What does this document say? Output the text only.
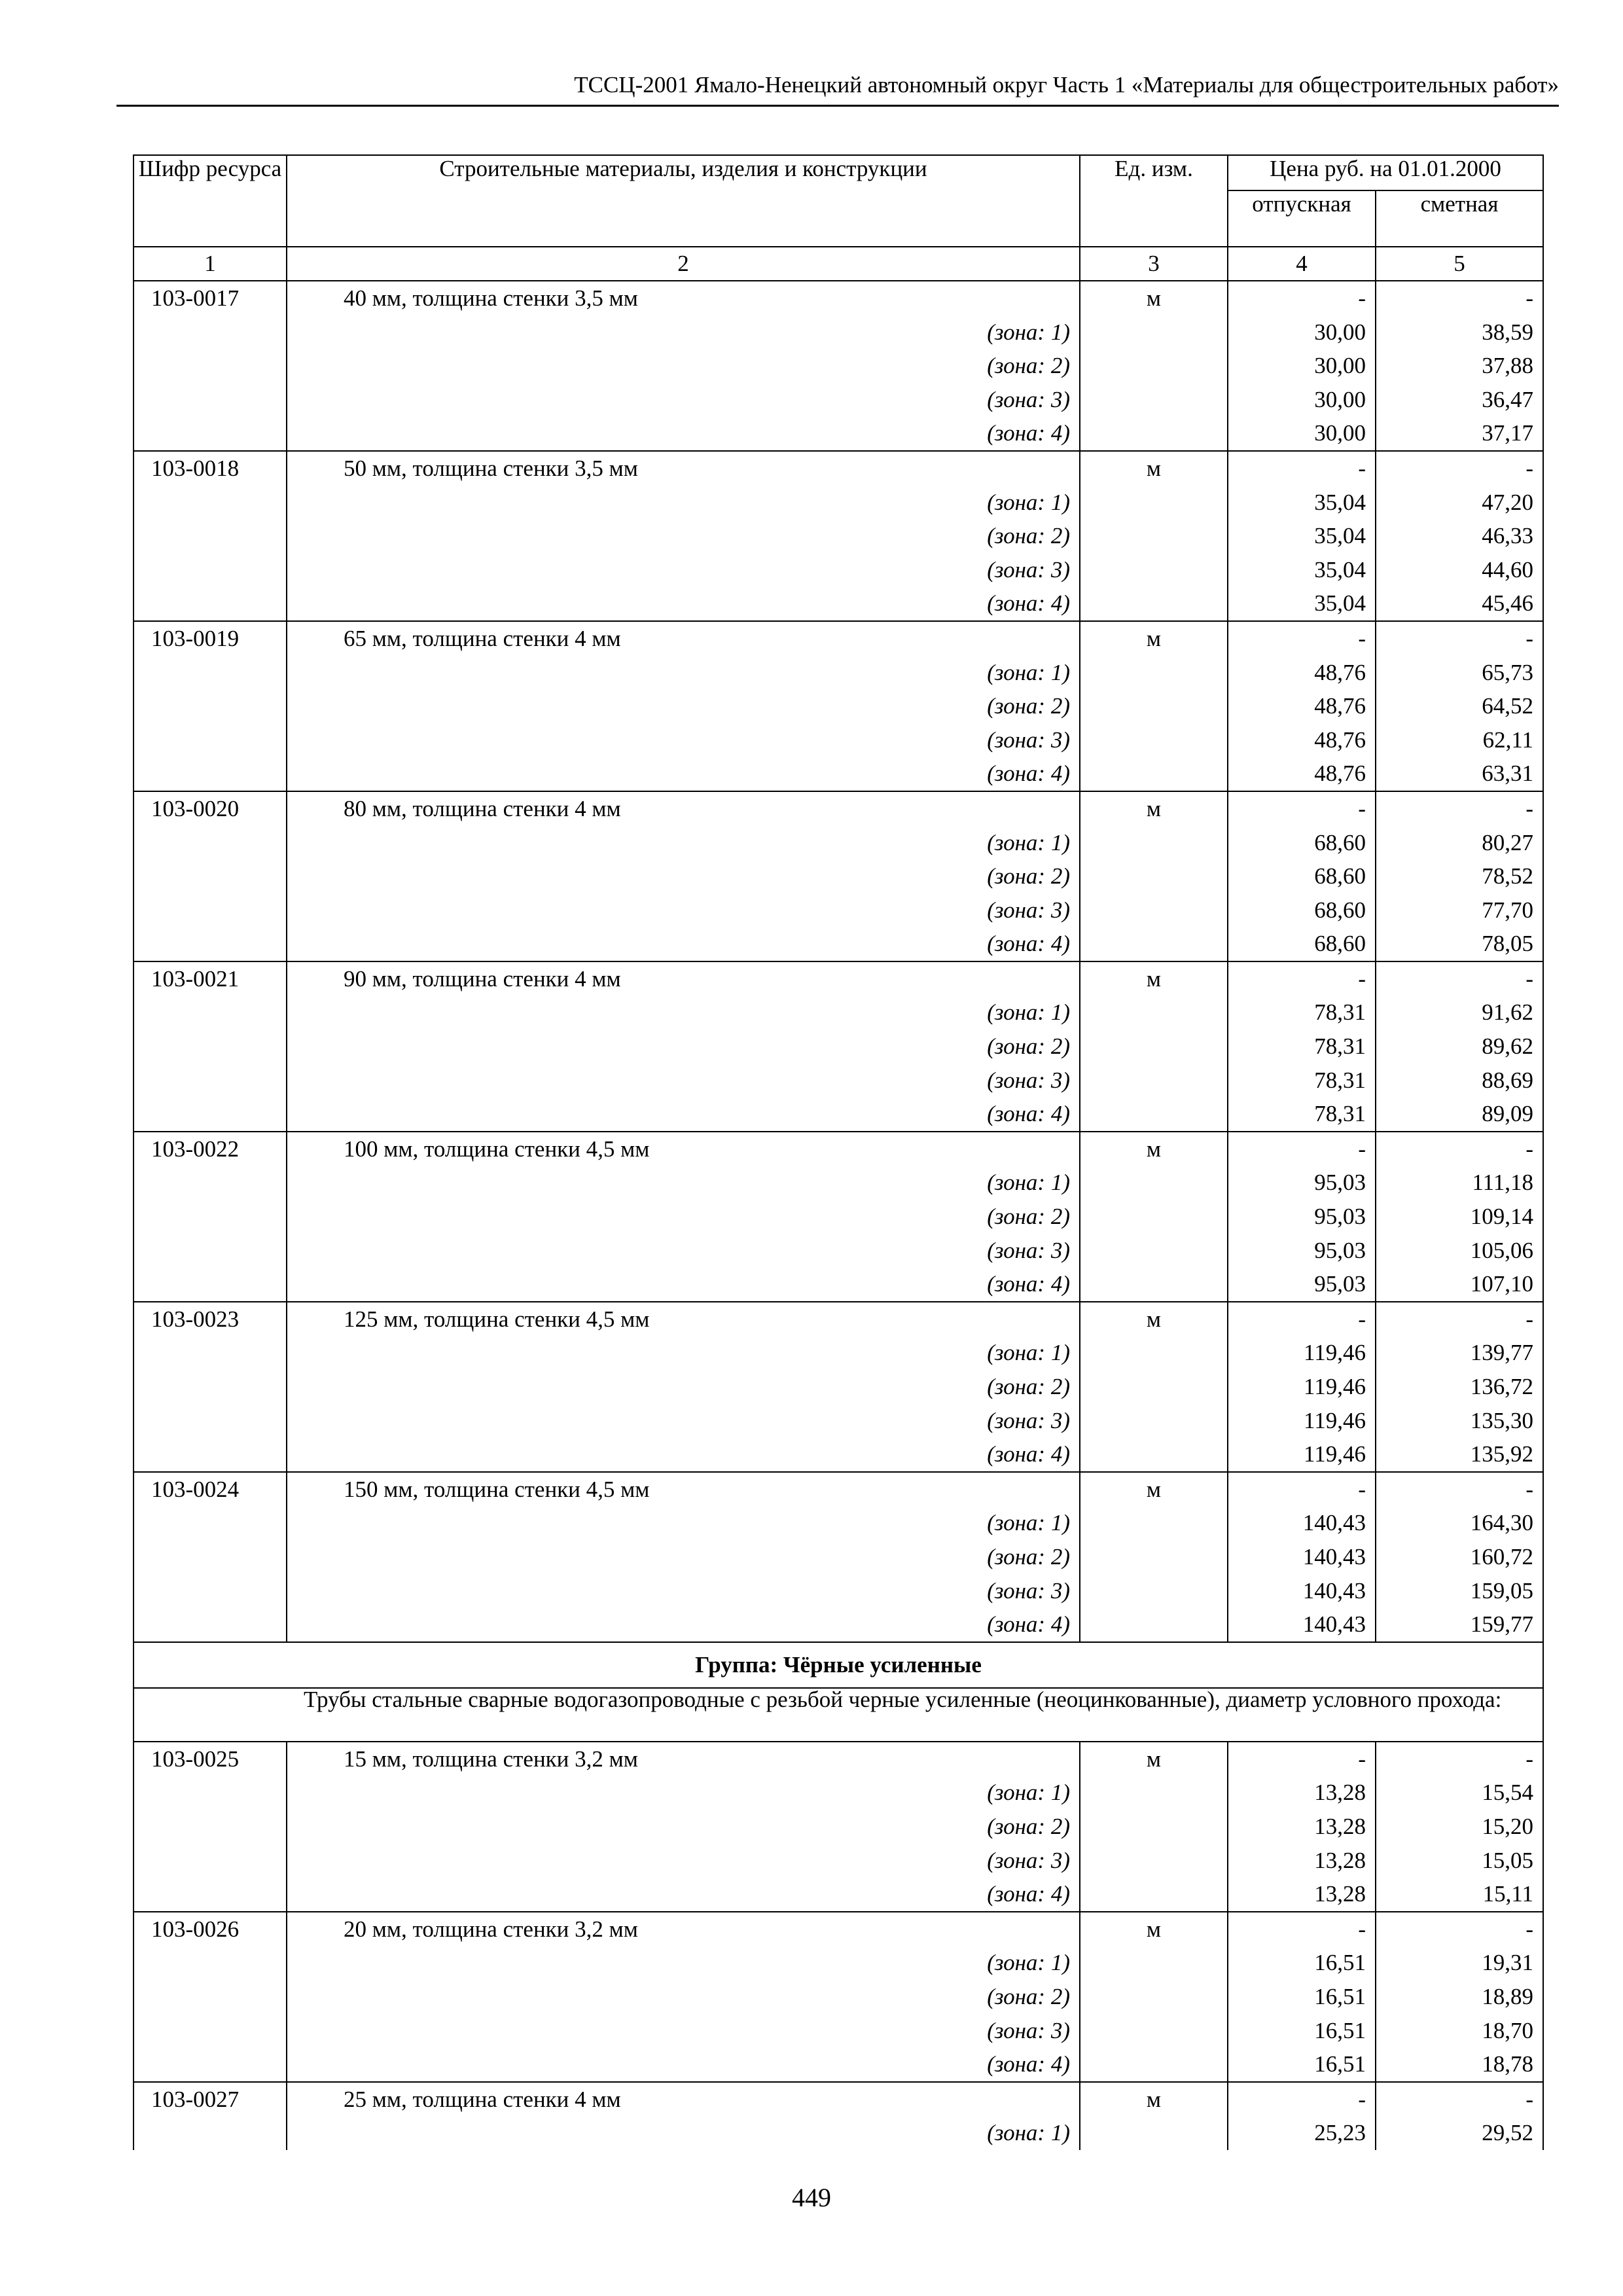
ТССЦ-2001 Ямало-Ненецкий автономный округ Часть 1 «Материалы для общестроительных работ»
Шифр ресурса	Строительные материалы, изделия и конструкции	Ед. изм.	Цена руб. на 01.01.2000	
			отпускная	сметная
1	2	3	4	5
103-0017	40 мм, толщина стенки 3,5 мм	м	-	-
	(зона: 1)		30,00	38,59
	(зона: 2)		30,00	37,88
	(зона: 3)		30,00	36,47
	(зона: 4)		30,00	37,17
103-0018	50 мм, толщина стенки 3,5 мм	м	-	-
	(зона: 1)		35,04	47,20
	(зона: 2)		35,04	46,33
	(зона: 3)		35,04	44,60
	(зона: 4)		35,04	45,46
103-0019	65 мм, толщина стенки 4 мм	м	-	-
	(зона: 1)		48,76	65,73
	(зона: 2)		48,76	64,52
	(зона: 3)		48,76	62,11
	(зона: 4)		48,76	63,31
103-0020	80 мм, толщина стенки 4 мм	м	-	-
	(зона: 1)		68,60	80,27
	(зона: 2)		68,60	78,52
	(зона: 3)		68,60	77,70
	(зона: 4)		68,60	78,05
103-0021	90 мм, толщина стенки 4 мм	м	-	-
	(зона: 1)		78,31	91,62
	(зона: 2)		78,31	89,62
	(зона: 3)		78,31	88,69
	(зона: 4)		78,31	89,09
103-0022	100 мм, толщина стенки 4,5 мм	м	-	-
	(зона: 1)		95,03	111,18
	(зона: 2)		95,03	109,14
	(зона: 3)		95,03	105,06
	(зона: 4)		95,03	107,10
103-0023	125 мм, толщина стенки 4,5 мм	м	-	-
	(зона: 1)		119,46	139,77
	(зона: 2)		119,46	136,72
	(зона: 3)		119,46	135,30
	(зона: 4)		119,46	135,92
103-0024	150 мм, толщина стенки 4,5 мм	м	-	-
	(зона: 1)		140,43	164,30
	(зона: 2)		140,43	160,72
	(зона: 3)		140,43	159,05
	(зона: 4)		140,43	159,77
Группа: Чёрные усиленные				

	Трубы стальные сварные водогазопроводные с резьбой черные усиленные (неоцинкованные), диаметр условного прохода:			

103-0025	15 мм, толщина стенки 3,2 мм	м	-	-
	(зона: 1)		13,28	15,54
	(зона: 2)		13,28	15,20
	(зона: 3)		13,28	15,05
	(зона: 4)		13,28	15,11
103-0026	20 мм, толщина стенки 3,2 мм	м	-	-
	(зона: 1)		16,51	19,31
	(зона: 2)		16,51	18,89
	(зона: 3)		16,51	18,70
	(зона: 4)		16,51	18,78
103-0027	25 мм, толщина стенки 4 мм	м	-	-
	(зона: 1)		25,23	29,52
449
